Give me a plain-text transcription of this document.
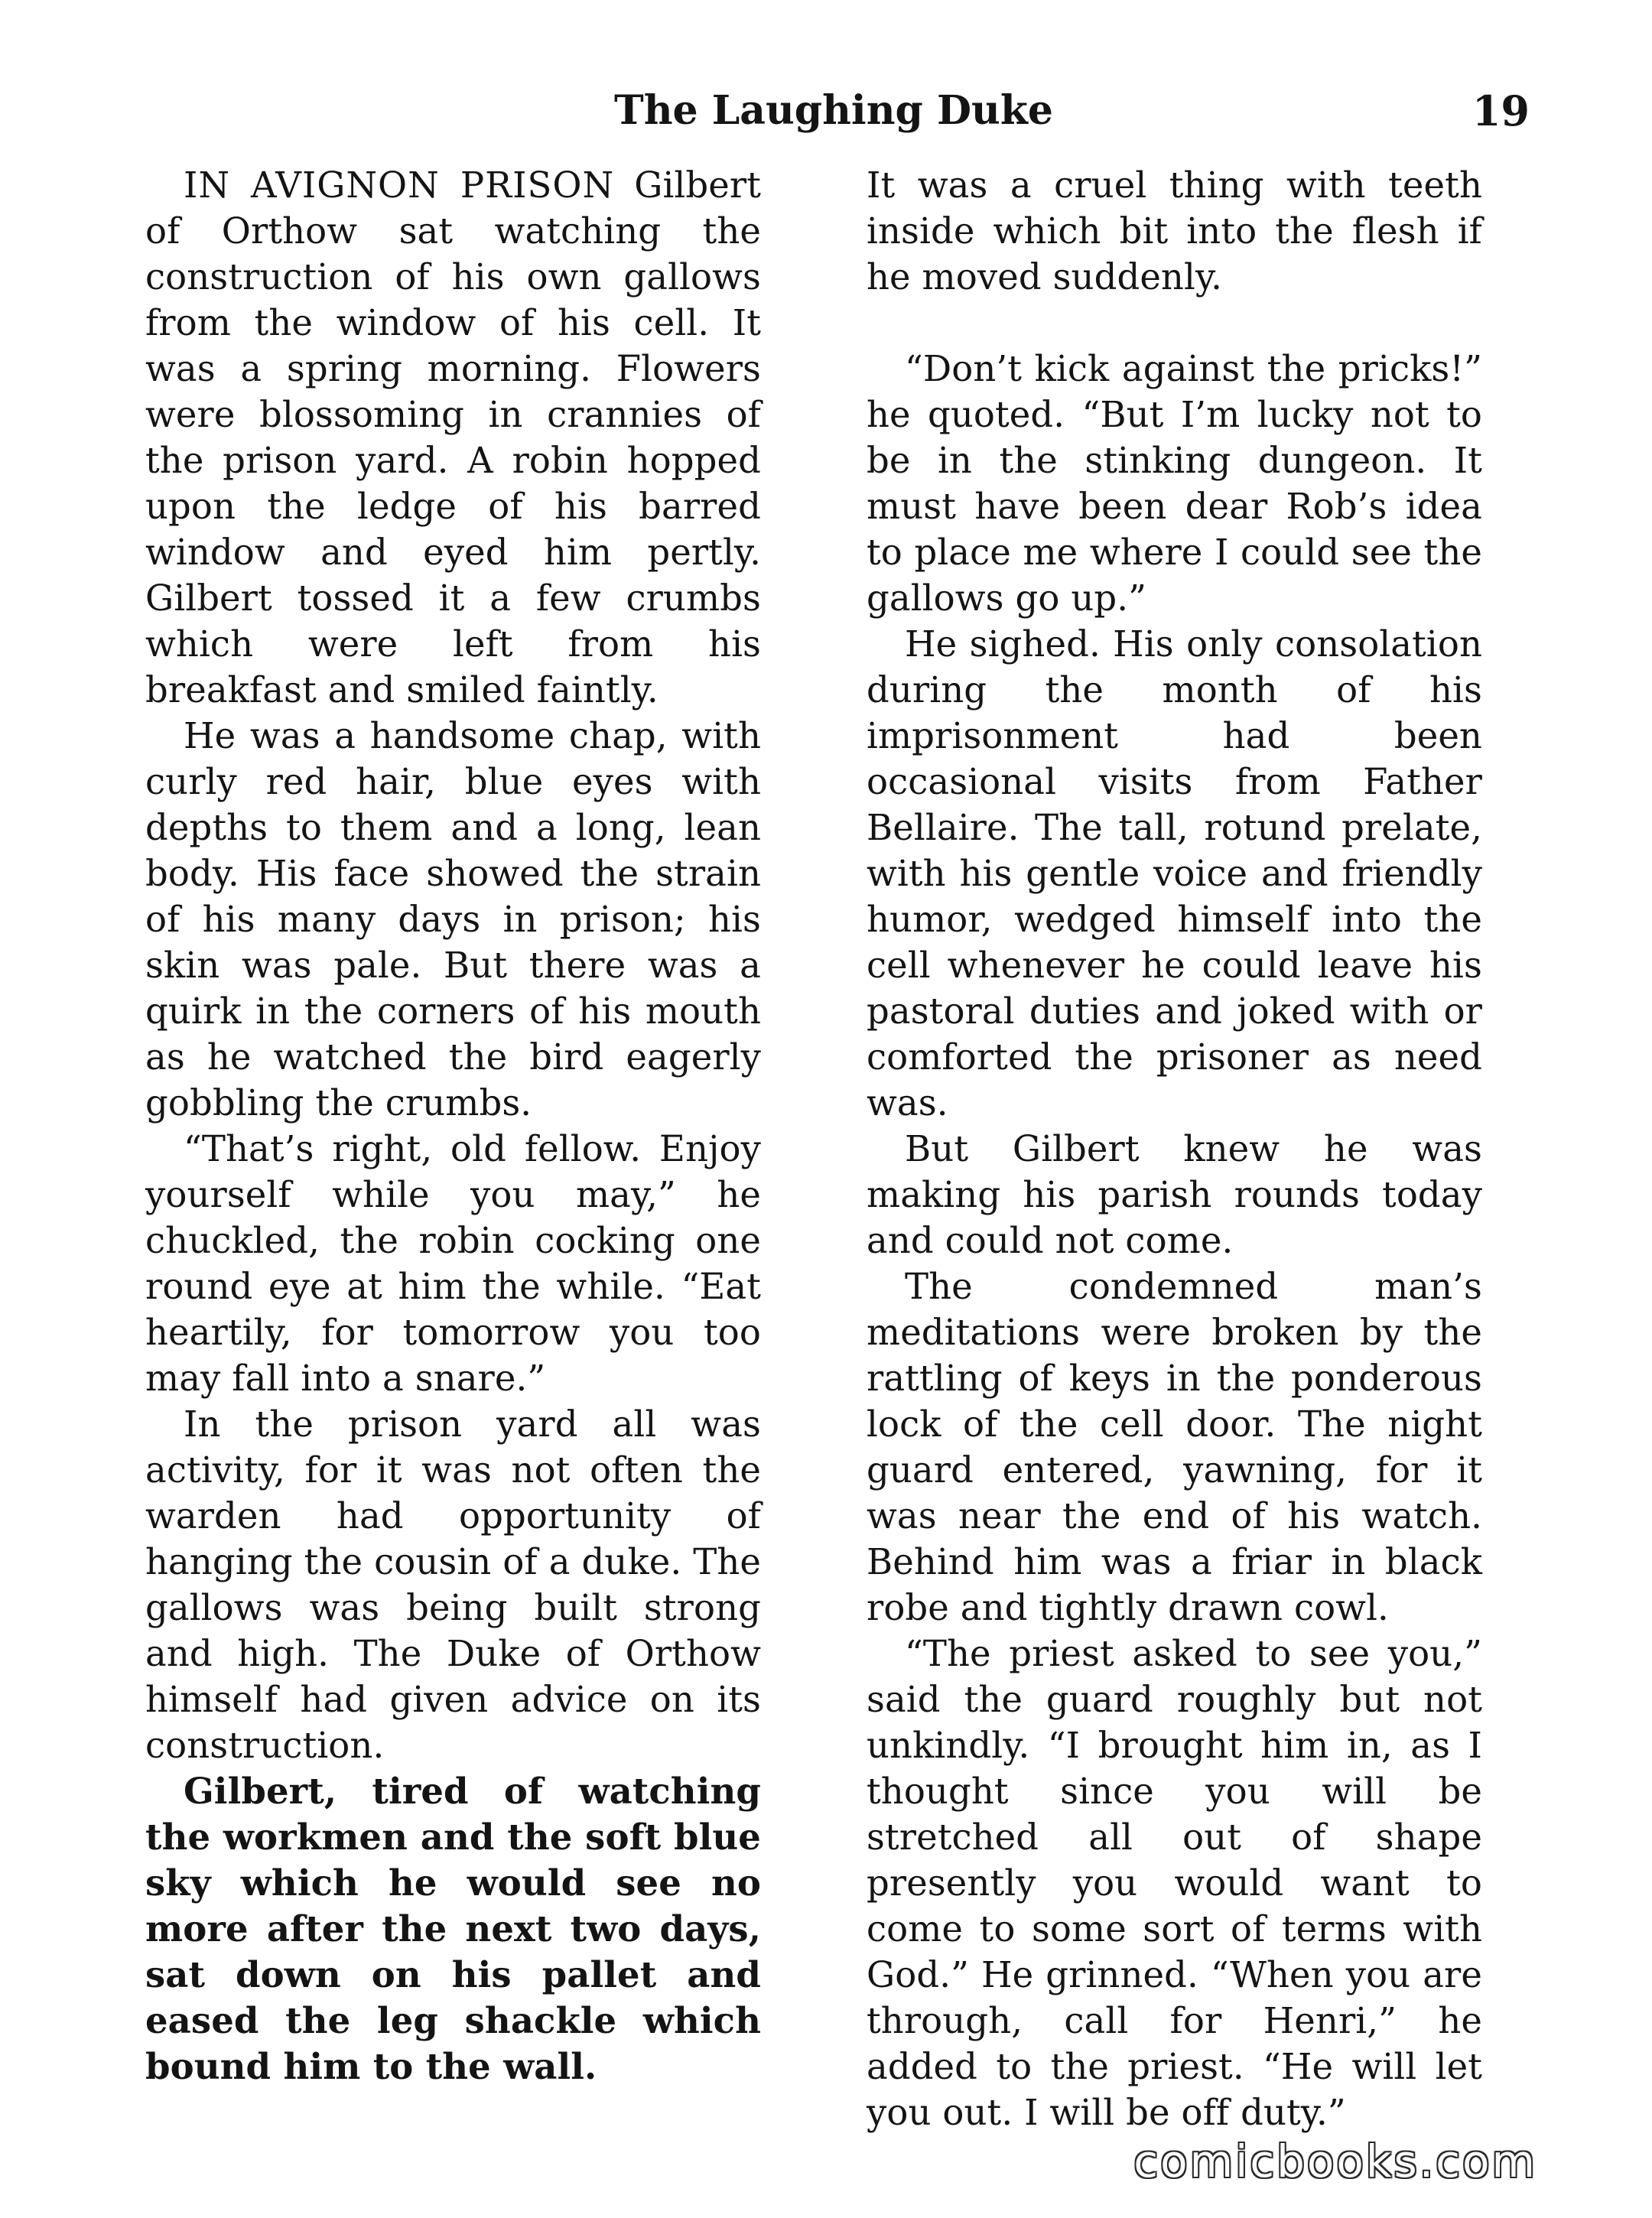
The Laughing Duke	19

IN AVIGNON PRISON Gilbert of Orthow sat watching the construction of his own gallows from the window of his cell. It was a spring morning. Flowers were blossoming in crannies of the prison yard. A robin hopped upon the ledge of his barred window and eyed him pertly. Gilbert tossed it a few crumbs which were left from his breakfast and smiled faintly.

He was a handsome chap, with curly red hair, blue eyes with depths to them and a long, lean body. His face showed the strain of his many days in prison; his skin was pale. But there was a quirk in the corners of his mouth as he watched the bird eagerly gobbling the crumbs.

“That’s right, old fellow. Enjoy yourself while you may,” he chuckled, the robin cocking one round eye at him the while. “Eat heartily, for tomorrow you too may fall into a snare.”

In the prison yard all was activity, for it was not often the warden had opportunity of hanging the cousin of a duke. The gallows was being built strong and high. The Duke of Orthow himself had given advice on its construction.

Gilbert, tired of watching the workmen and the soft blue sky which he would see no more after the next two days, sat down on his pallet and eased the leg shackle which bound him to the wall.

It was a cruel thing with teeth inside which bit into the flesh if he moved suddenly.

“Don’t kick against the pricks!” he quoted. “But I’m lucky not to be in the stinking dungeon. It must have been dear Rob’s idea to place me where I could see the gallows go up.”

He sighed. His only consolation during the month of his imprisonment had been occasional visits from Father Bellaire. The tall, rotund prelate, with his gentle voice and friendly humor, wedged himself into the cell whenever he could leave his pastoral duties and joked with or comforted the prisoner as need was.

But Gilbert knew he was making his parish rounds today and could not come.

The condemned man’s meditations were broken by the rattling of keys in the ponderous lock of the cell door. The night guard entered, yawning, for it was near the end of his watch. Behind him was a friar in black robe and tightly drawn cowl.

“The priest asked to see you,” said the guard roughly but not unkindly. “I brought him in, as I thought since you will be stretched all out of shape presently you would want to come to some sort of terms with God.” He grinned. “When you are through, call for Henri,” he added to the priest. “He will let you out. I will be off duty.”

comicbooks.com
